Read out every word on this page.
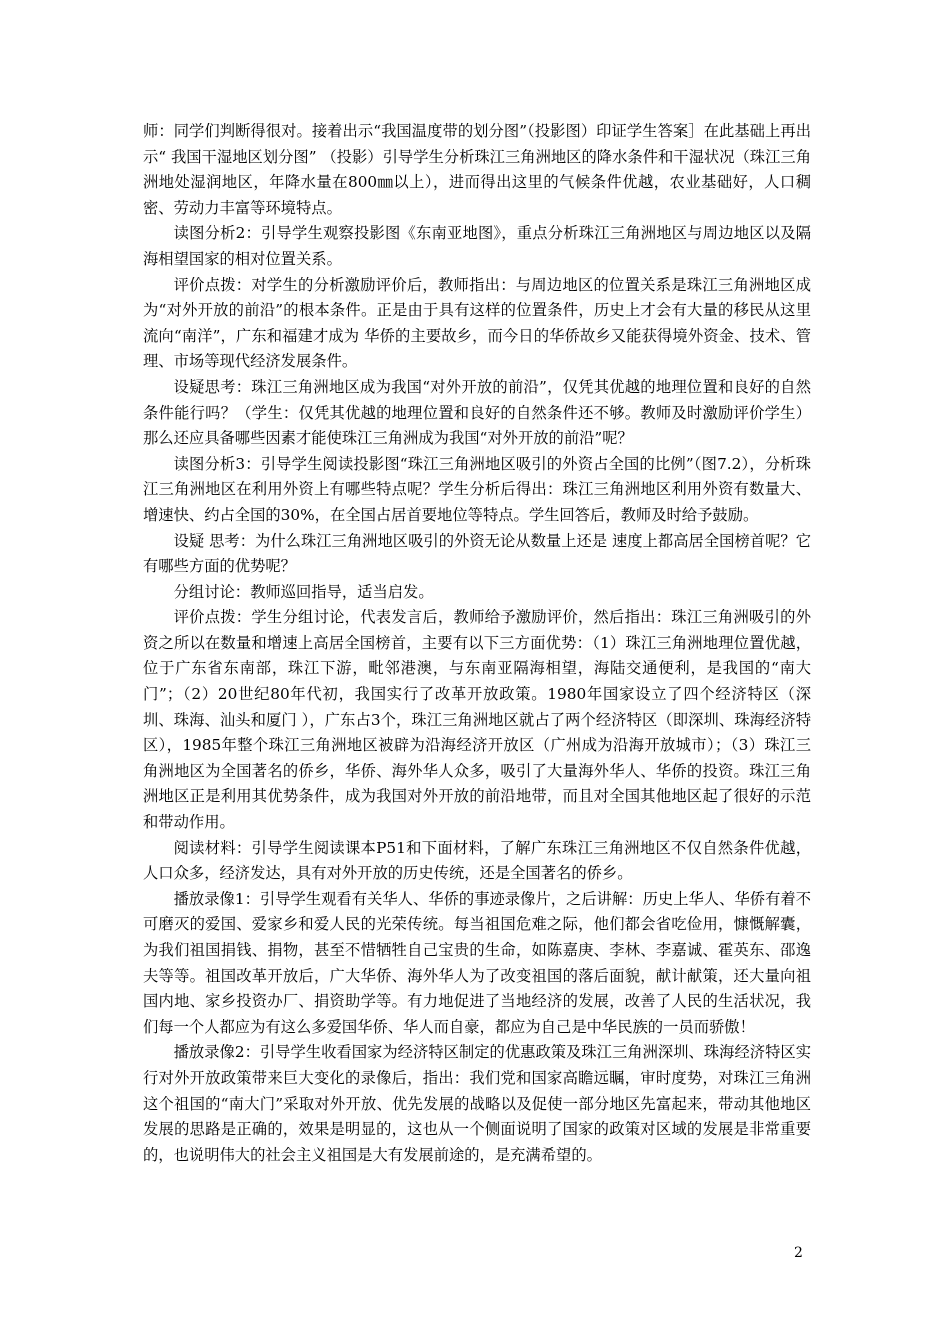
师：同学们判断得很对。接着出示“我国温度带的划分图”（投影图）印证学生答案］在此基础上再出示“ 我国干湿地区划分图” （投影）引导学生分析珠江三角洲地区的降水条件和干湿状况（珠江三角洲地处湿润地区，年降水量在800㎜以上），进而得出这里的气候条件优越，农业基础好，人口稠密、劳动力丰富等环境特点。

读图分析2：引导学生观察投影图《东南亚地图》，重点分析珠江三角洲地区与周边地区以及隔海相望国家的相对位置关系。

评价点拨：对学生的分析激励评价后，教师指出：与周边地区的位置关系是珠江三角洲地区成为“对外开放的前沿”的根本条件。正是由于具有这样的位置条件，历史上才会有大量的移民从这里流向“南洋”，广东和福建才成为 华侨的主要故乡，而今日的华侨故乡又能获得境外资金、技术、管理、市场等现代经济发展条件。

设疑思考：珠江三角洲地区成为我国“对外开放的前沿”，仅凭其优越的地理位置和良好的自然条件能行吗？（学生：仅凭其优越的地理位置和良好的自然条件还不够。教师及时激励评价学生）那么还应具备哪些因素才能使珠江三角洲成为我国“对外开放的前沿”呢？

读图分析3：引导学生阅读投影图“珠江三角洲地区吸引的外资占全国的比例”（图7.2），分析珠江三角洲地区在利用外资上有哪些特点呢？学生分析后得出：珠江三角洲地区利用外资有数量大、增速快、约占全国的30%，在全国占居首要地位等特点。学生回答后，教师及时给予鼓励。

设疑 思考：为什么珠江三角洲地区吸引的外资无论从数量上还是 速度上都高居全国榜首呢？它有哪些方面的优势呢？

分组讨论：教师巡回指导，适当启发。

评价点拨：学生分组讨论，代表发言后，教师给予激励评价，然后指出：珠江三角洲吸引的外资之所以在数量和增速上高居全国榜首，主要有以下三方面优势：（1）珠江三角洲地理位置优越，位于广东省东南部，珠江下游，毗邻港澳，与东南亚隔海相望，海陆交通便利，是我国的“南大门”；（2）20世纪80年代初，我国实行了改革开放政策。1980年国家设立了四个经济特区（深圳、珠海、汕头和厦门 ），广东占3个，珠江三角洲地区就占了两个经济特区（即深圳、珠海经济特区），1985年整个珠江三角洲地区被辟为沿海经济开放区（广州成为沿海开放城市）；（3）珠江三角洲地区为全国著名的侨乡，华侨、海外华人众多，吸引了大量海外华人、华侨的投资。珠江三角洲地区正是利用其优势条件，成为我国对外开放的前沿地带，而且对全国其他地区起了很好的示范和带动作用。

阅读材料：引导学生阅读课本P51和下面材料，了解广东珠江三角洲地区不仅自然条件优越，人口众多，经济发达，具有对外开放的历史传统，还是全国著名的侨乡。

播放录像1：引导学生观看有关华人、华侨的事迹录像片，之后讲解：历史上华人、华侨有着不可磨灭的爱国、爱家乡和爱人民的光荣传统。每当祖国危难之际，他们都会省吃俭用，慷慨解囊，为我们祖国捐钱、捐物，甚至不惜牺牲自己宝贵的生命，如陈嘉庚、李林、李嘉诚、霍英东、邵逸夫等等。祖国改革开放后，广大华侨、海外华人为了改变祖国的落后面貌，献计献策，还大量向祖国内地、家乡投资办厂、捐资助学等。有力地促进了当地经济的发展，改善了人民的生活状况，我们每一个人都应为有这么多爱国华侨、华人而自豪，都应为自己是中华民族的一员而骄傲！

播放录像2：引导学生收看国家为经济特区制定的优惠政策及珠江三角洲深圳、珠海经济特区实行对外开放政策带来巨大变化的录像后，指出：我们党和国家高瞻远瞩，审时度势，对珠江三角洲 这个祖国的“南大门”采取对外开放、优先发展的战略以及促使一部分地区先富起来，带动其他地区发展的思路是正确的，效果是明显的，这也从一个侧面说明了国家的政策对区域的发展是非常重要的，也说明伟大的社会主义祖国是大有发展前途的，是充满希望的。

2
